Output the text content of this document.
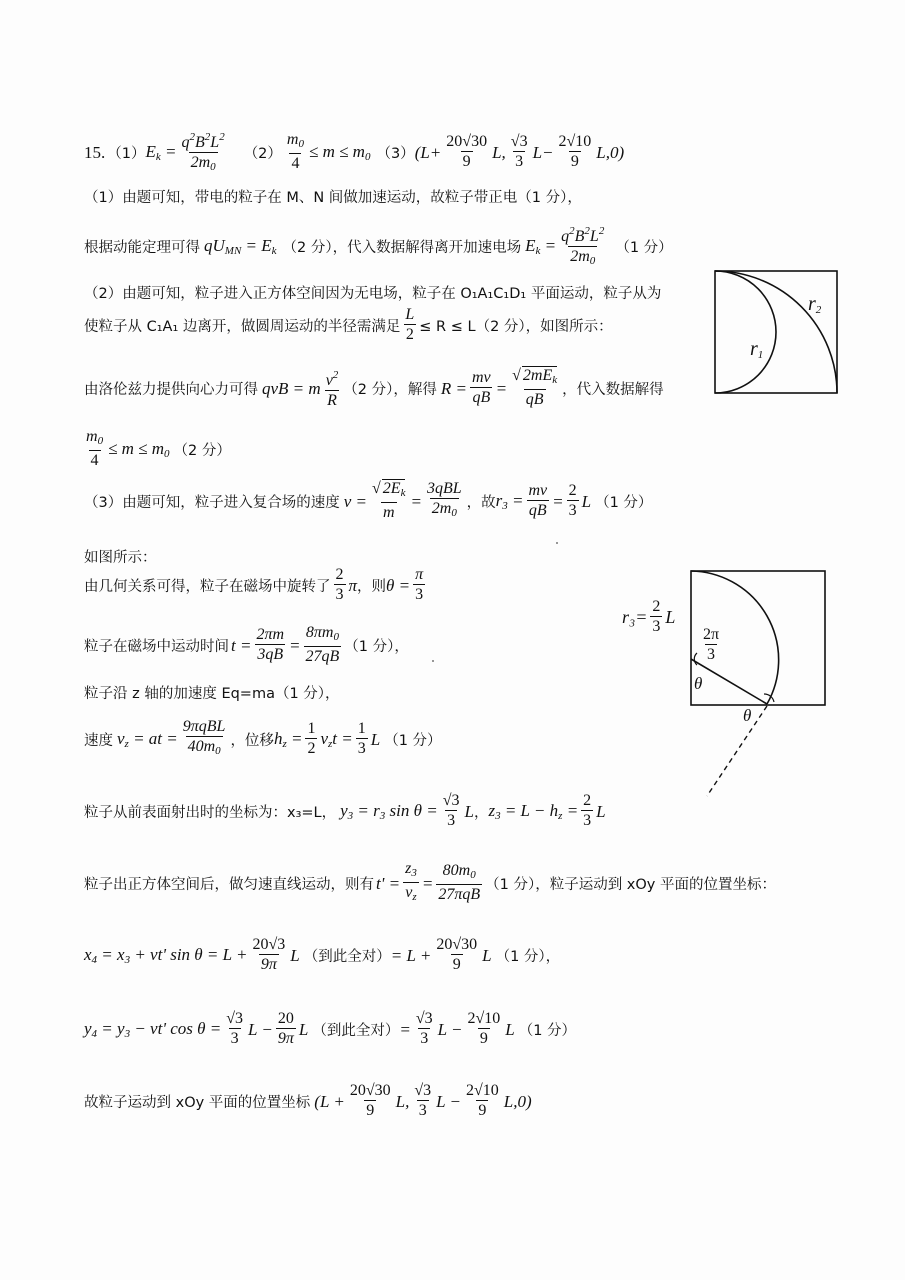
15. （1） $E_k = \frac{q^2B^2L^2}{2m_0} (2) \frac{m_0}{4} \le m \le m_0$ （3） ($L+ \frac{20√30}{9} L$, $\frac{√3}{3} L- \frac{2√10}{9} L,0$)
（1）由题可知，带电的粒子在 M、N 间做加速运动，故粒子带正电（1 分），
根据动能定理可得 $qU_{MN} = E_k$ （2 分），代入数据解得离开加速电场 $E_k = \frac{q^2B^2L^2}{2m_0} (1$ 分）
（2）由题可知，粒子进入正方体空间因为无电场，粒子在 O₁A₁C₁D₁ 平面运动，粒子从为
使粒子从 C₁A₁ 边离开，做圆周运动的半径需满足 $\frac{L}{2} \le R \le L(2$ 分），如图所示：
由洛伦兹力提供向心力可得 qvB = m $\frac{v^2}{R} (2$ 分），解得 $R = \frac{mv}{qB} = \frac{√ 2mE_k}{qB}$ ，代入数据解得
$\frac{m_0}{4} \le m \le m_0$ （2 分）
$r_1$
$r_2$
（3）由题可知，粒子进入复合场的速度 $v = \frac{√ 2E_k}{m} = \frac{\text{3qBL}}{2m_0}$ ，故 $r_3 = \frac{mv}{qB} = \frac{2}{3}$ L （1 分）
如图所示：
由几何关系可得，粒子在磁场中旋转了 $\frac{2}{3}$ π ，则 $\theta = \frac{\pi}{3}$
粒子在磁场中运动时间 $t = \frac{2\pi m}{3qB} = \frac{8\pi m_0}{27qB} (1$ 分），
粒子沿 z 轴的加速度 Eq=ma（1 分），
速度 $v_z$ = at = $\frac{\text{9πqBL}}{40m_0}$ ，位移 $h_z = \frac{1}{2} v_zt = \frac{1}{3}$ L （1 分）
粒子从前表面射出时的坐标为：x₃=L， $y_3 = r_3$ $\sin \theta = \frac{√3}{3}$ L ， $z_3 = L - h_z = \frac{2}{3}$ L
粒子出正方体空间后，做匀速直线运动，则有 $t' = \frac{z_3}{v_z} = \frac{80m_0}{\text{27πqB}} (1$ 分），粒子运动到 xOy 平面的位置坐标：
$x_4 = x_3 + vt'$ $\sin \theta = L + \frac{20√3}{9\pi}$ L （到此全对） = $L + \frac{20√30}{9}$ L （1 分），
$y_4 = y_3 - vt'$ $\cos \theta = \frac{√3}{3}$ $L - \frac{20}{9\pi}$ L （到此全对） = $\frac{√3}{3}$ $L - \frac{2√10}{9}$ L （1 分）
故粒子运动到 xOy 平面的位置坐标 ($L + \frac{20√30}{9} L$, $\frac{√3}{3}$ $L - \frac{2√10}{9} L,0$)
$r_3= \frac{2}{3}$ L
$\frac{2\pi}{3}$
θ
θ
